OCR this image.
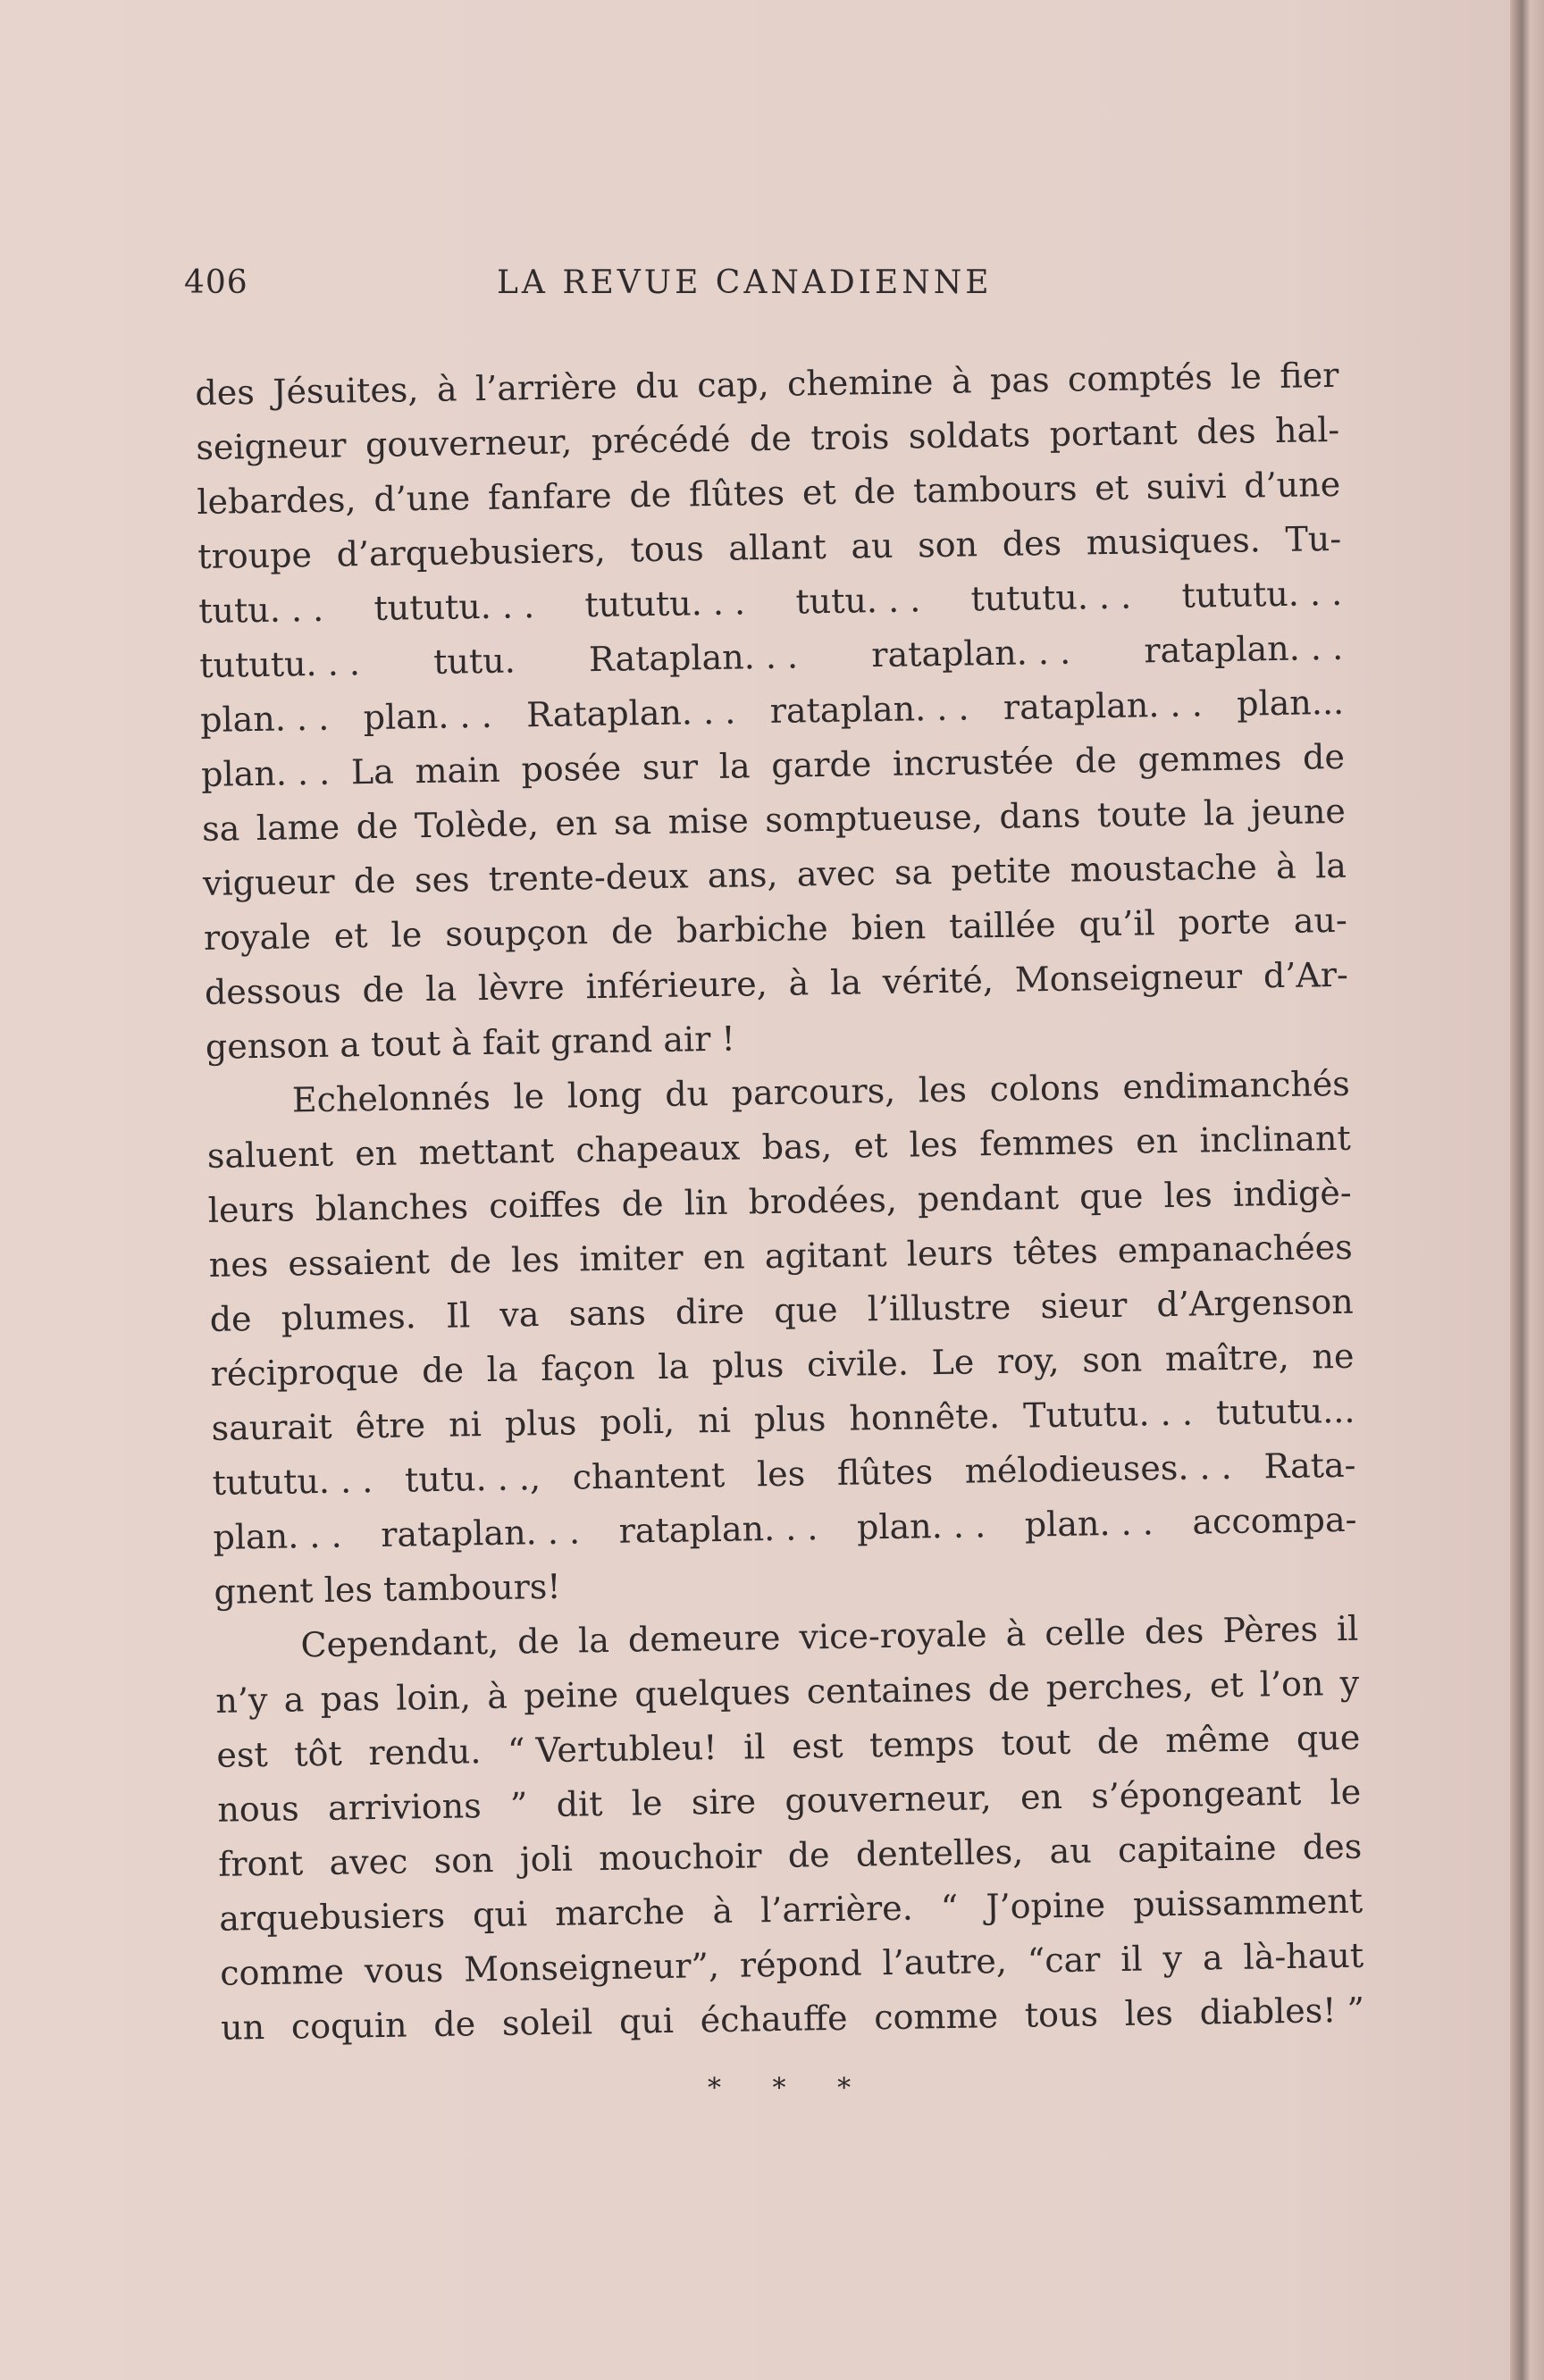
406	LA REVUE CANADIENNE
des Jésuites, à l’arrière du cap, chemine à pas comptés le fier
seigneur gouverneur, précédé de trois soldats portant des hal-
lebardes, d’une fanfare de flûtes et de tambours et suivi d’une
troupe d’arquebusiers, tous allant au son des musiques. Tu-
tutu. . . tututu. . . tututu. . . tutu. . . tututu. . . tututu. . .
tututu. . . tutu. Rataplan. . . rataplan. . . rataplan. . .
plan. . . plan. . . Rataplan. . . rataplan. . . rataplan. . . plan...
plan. . . La main posée sur la garde incrustée de gemmes de
sa lame de Tolède, en sa mise somptueuse, dans toute la jeune
vigueur de ses trente-deux ans, avec sa petite moustache à la
royale et le soupçon de barbiche bien taillée qu’il porte au-
dessous de la lèvre inférieure, à la vérité, Monseigneur d’Ar-
genson a tout à fait grand air !
Echelonnés le long du parcours, les colons endimanchés
saluent en mettant chapeaux bas, et les femmes en inclinant
leurs blanches coiffes de lin brodées, pendant que les indigè-
nes essaient de les imiter en agitant leurs têtes empanachées
de plumes. Il va sans dire que l’illustre sieur d’Argenson
réciproque de la façon la plus civile. Le roy, son maître, ne
saurait être ni plus poli, ni plus honnête. Tututu. . . tututu...
tututu. . . tutu. . ., chantent les flûtes mélodieuses. . . Rata-
plan. . . rataplan. . . rataplan. . . plan. . . plan. . . accompa-
gnent les tambours!
Cependant, de la demeure vice-royale à celle des Pères il
n’y a pas loin, à peine quelques centaines de perches, et l’on y
est tôt rendu. “ Vertubleu! il est temps tout de même que
nous arrivions ” dit le sire gouverneur, en s’épongeant le
front avec son joli mouchoir de dentelles, au capitaine des
arquebusiers qui marche à l’arrière. “ J’opine puissamment
comme vous Monseigneur”, répond l’autre, “car il y a là-haut
un coquin de soleil qui échauffe comme tous les diables! ”
* * *
